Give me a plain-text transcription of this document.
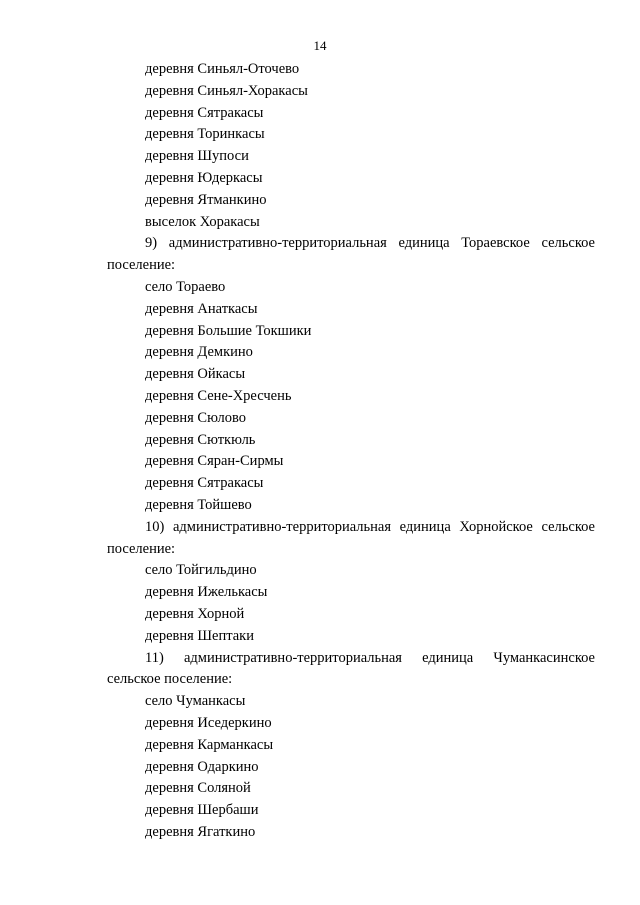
14
деревня Синьял-Оточево
деревня Синьял-Хоракасы
деревня Сятракасы
деревня Торинкасы
деревня Шупоси
деревня Юдеркасы
деревня Ятманкино
выселок Хоракасы
9) административно-территориальная единица Тораевское сельское поселение:
село Тораево
деревня Анаткасы
деревня Большие Токшики
деревня Демкино
деревня Ойкасы
деревня Сене-Хресчень
деревня Сюлово
деревня Сюткюль
деревня Сяран-Сирмы
деревня Сятракасы
деревня Тойшево
10) административно-территориальная единица Хорнойское сельское поселение:
село Тойгильдино
деревня Ижелькасы
деревня Хорной
деревня Шептаки
11) административно-территориальная единица Чуманкасинское сельское поселение:
село Чуманкасы
деревня Иседеркино
деревня Карманкасы
деревня Одаркино
деревня Соляной
деревня Шербаши
деревня Ягаткино
